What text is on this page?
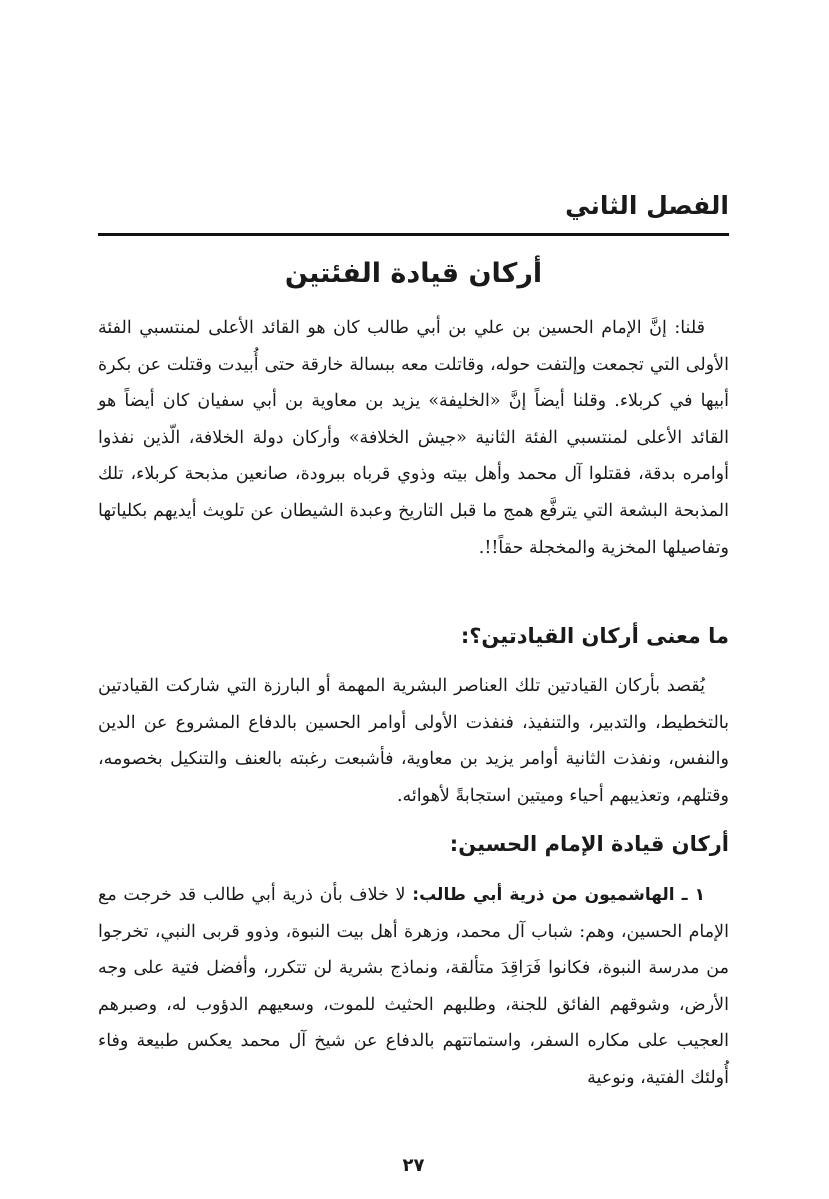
الفصل الثاني
أركان قيادة الفئتين

قلنا: إنَّ الإمام الحسين بن علي بن أبي طالب كان هو القائد الأعلى لمنتسبي الفئة الأولى التي تجمعت وإلتفت حوله، وقاتلت معه ببسالة خارقة حتى أُبيدت وقتلت عن بكرة أبيها في كربلاء. وقلنا أيضاً إنَّ «الخليفة» يزيد بن معاوية بن أبي سفيان كان أيضاً هو القائد الأعلى لمنتسبي الفئة الثانية «جيش الخلافة» وأركان دولة الخلافة، الّذين نفذوا أوامره بدقة، فقتلوا آل محمد وأهل بيته وذوي قرباه ببرودة، صانعين مذبحة كربلاء، تلك المذبحة البشعة التي يترفَّع همج ما قبل التاريخ وعبدة الشيطان عن تلويث أيديهم بكلياتها وتفاصيلها المخزية والمخجلة حقاً!!.

ما معنى أركان القيادتين؟:

يُقصد بأركان القيادتين تلك العناصر البشرية المهمة أو البارزة التي شاركت القيادتين بالتخطيط، والتدبير، والتنفيذ، فنفذت الأولى أوامر الحسين بالدفاع المشروع عن الدين والنفس، ونفذت الثانية أوامر يزيد بن معاوية، فأشبعت رغبته بالعنف والتنكيل بخصومه، وقتلهم، وتعذيبهم أحياء وميتين استجابةً لأهوائه.

أركان قيادة الإمام الحسين:

١ ـ الهاشميون من ذرية أبي طالب: لا خلاف بأن ذرية أبي طالب قد خرجت مع الإمام الحسين، وهم: شباب آل محمد، وزهرة أهل بيت النبوة، وذوو قربى النبي، تخرجوا من مدرسة النبوة، فكانوا فَرَاقِدَ متألقة، ونماذج بشرية لن تتكرر، وأفضل فتية على وجه الأرض، وشوقهم الفائق للجنة، وطلبهم الحثيث للموت، وسعيهم الدؤوب له، وصبرهم العجيب على مكاره السفر، واستماتتهم بالدفاع عن شيخ آل محمد يعكس طبيعة وفاء أُولئك الفتية، ونوعية

٢٧
